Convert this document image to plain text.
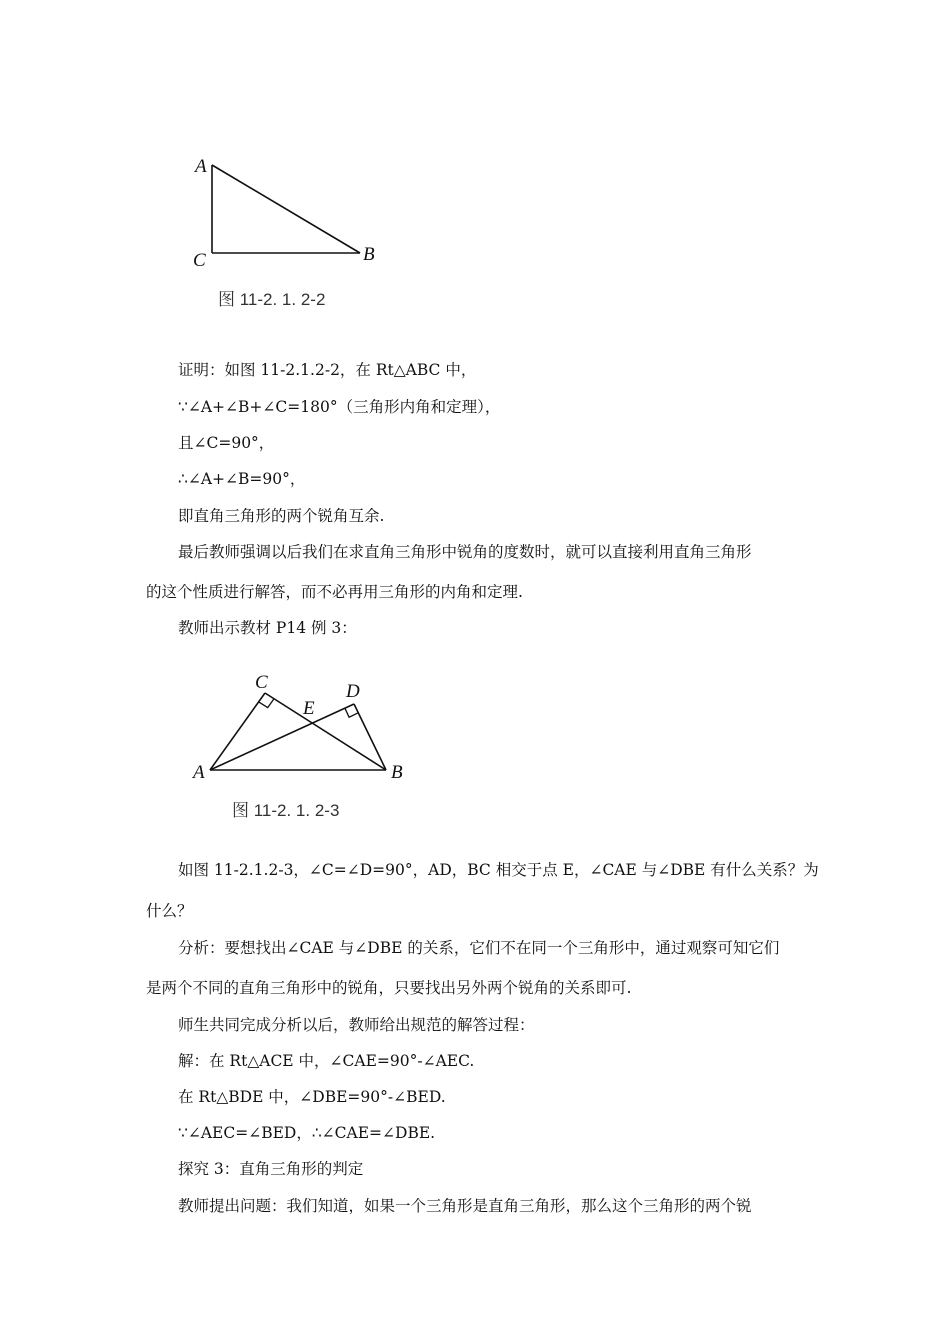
A
C	B
图 11-2. 1. 2-2
C	D
E
A	B
图 11-2. 1. 2-3
证明：如图 11-2.1.2-2，在 Rt△ABC 中，
∵∠A+∠B+∠C=180°（三角形内角和定理），
且∠C=90°，
∴∠A+∠B=90°，
即直角三角形的两个锐角互余.
最后教师强调以后我们在求直角三角形中锐角的度数时，就可以直接利用直角三角形
的这个性质进行解答，而不必再用三角形的内角和定理.
教师出示教材 P14 例 3：
如图 11-2.1.2-3，∠C=∠D=90°，AD，BC 相交于点 E，∠CAE 与∠DBE 有什么关系？为
什么？
分析：要想找出∠CAE 与∠DBE 的关系，它们不在同一个三角形中，通过观察可知它们
是两个不同的直角三角形中的锐角，只要找出另外两个锐角的关系即可.
师生共同完成分析以后，教师给出规范的解答过程：
解：在 Rt△ACE 中，∠CAE=90°-∠AEC.
在 Rt△BDE 中，∠DBE=90°-∠BED.
∵∠AEC=∠BED，∴∠CAE=∠DBE.
探究 3：直角三角形的判定
教师提出问题：我们知道，如果一个三角形是直角三角形，那么这个三角形的两个锐
